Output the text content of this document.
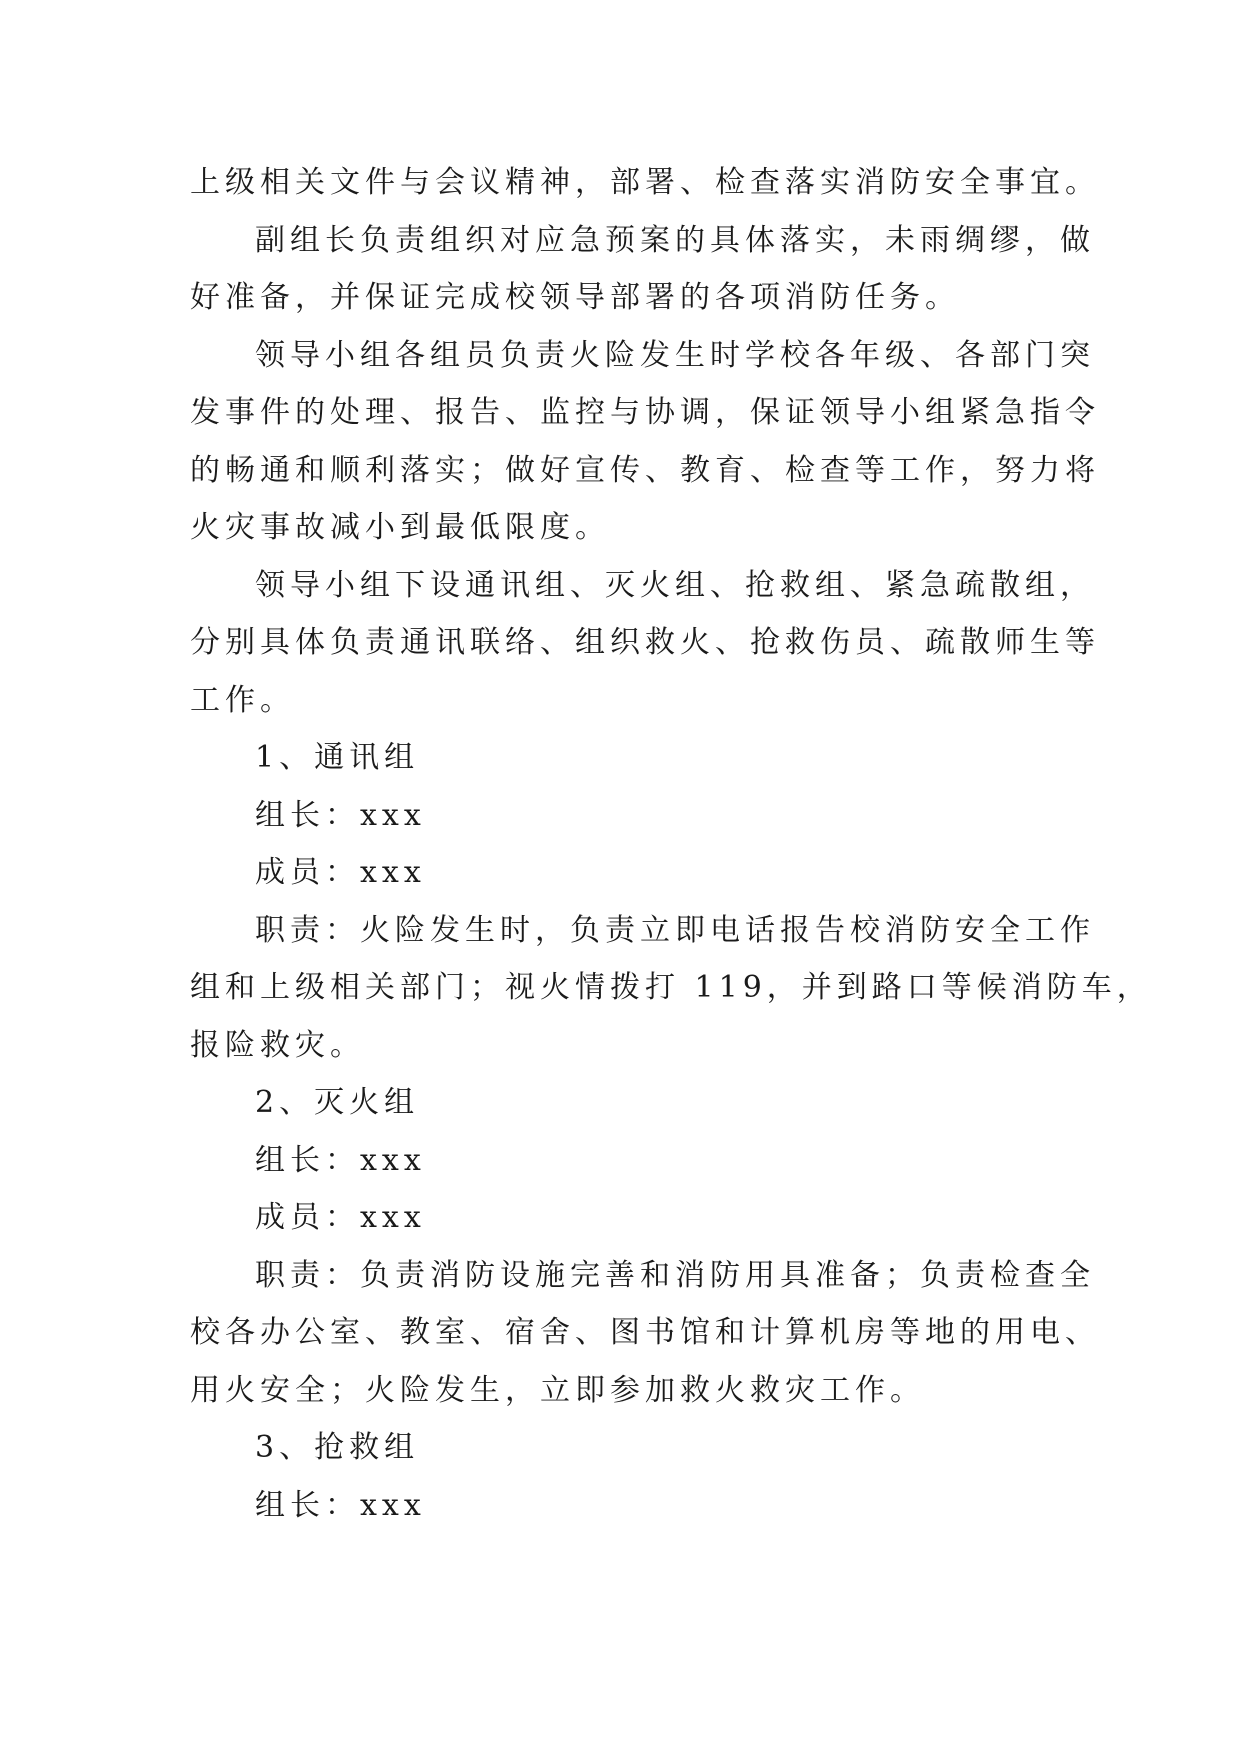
上级相关文件与会议精神，部署、检查落实消防安全事宜。
副组长负责组织对应急预案的具体落实，未雨绸缪，做
好准备，并保证完成校领导部署的各项消防任务。
领导小组各组员负责火险发生时学校各年级、各部门突
发事件的处理、报告、监控与协调，保证领导小组紧急指令
的畅通和顺利落实；做好宣传、教育、检查等工作，努力将
火灾事故减小到最低限度。
领导小组下设通讯组、灭火组、抢救组、紧急疏散组，
分别具体负责通讯联络、组织救火、抢救伤员、疏散师生等
工作。
1、通讯组
组长：xxx
成员：xxx
职责：火险发生时，负责立即电话报告校消防安全工作
组和上级相关部门；视火情拨打 119，并到路口等候消防车，
报险救灾。
2、灭火组
组长：xxx
成员：xxx
职责：负责消防设施完善和消防用具准备；负责检查全
校各办公室、教室、宿舍、图书馆和计算机房等地的用电、
用火安全；火险发生，立即参加救火救灾工作。
3、抢救组
组长：xxx
